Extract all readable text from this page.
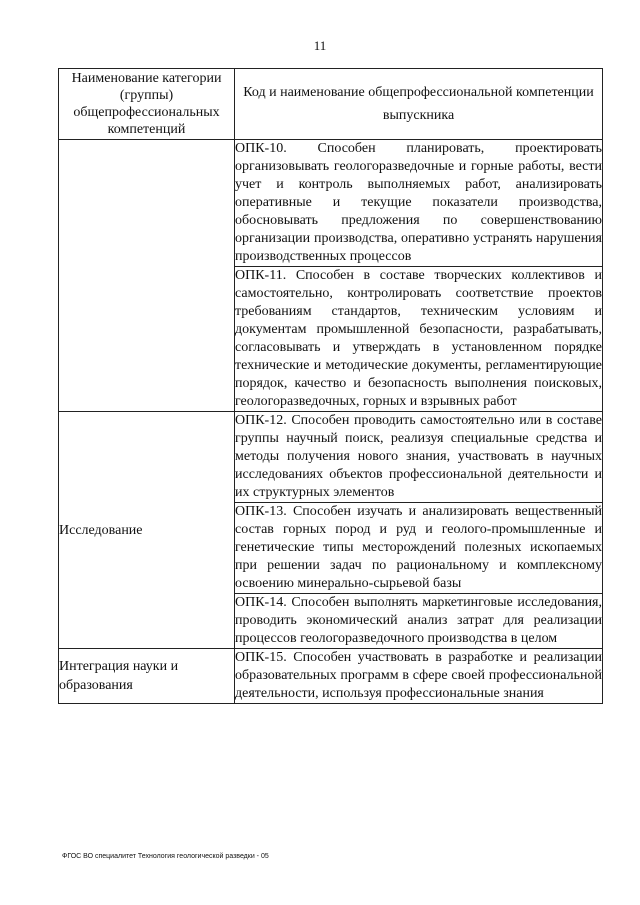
11
Наименование категории (группы) общепрофессиональных компетенций	Код и наименование общепрофессиональной компетенции выпускника
	ОПК-10. Способен планировать, проектировать организовывать геологоразведочные и горные работы, вести учет и контроль выполняемых работ, анализировать оперативные и текущие показатели производства, обосновывать предложения по совершенствованию организации производства, оперативно устранять нарушения производственных процессов
	ОПК-11. Способен в составе творческих коллективов и самостоятельно, контролировать соответствие проектов требованиям стандартов, техническим условиям и документам промышленной безопасности, разрабатывать, согласовывать и утверждать в установленном порядке технические и методические документы, регламентирующие порядок, качество и безопасность выполнения поисковых, геологоразведочных, горных и взрывных работ
Исследование	ОПК-12. Способен проводить самостоятельно или в составе группы научный поиск, реализуя специальные средства и методы получения нового знания, участвовать в научных исследованиях объектов профессиональной деятельности и их структурных элементов
	ОПК-13. Способен изучать и анализировать вещественный состав горных пород и руд и геолого-промышленные и генетические типы месторождений полезных ископаемых при решении задач по рациональному и комплексному освоению минерально-сырьевой базы
	ОПК-14. Способен выполнять маркетинговые исследования, проводить экономический анализ затрат для реализации процессов геологоразведочного производства в целом
Интеграция науки и образования	ОПК-15. Способен участвовать в разработке и реализации образовательных программ в сфере своей профессиональной деятельности, используя профессиональные знания
ФГОС ВО специалитет Технология геологической разведки - 05
